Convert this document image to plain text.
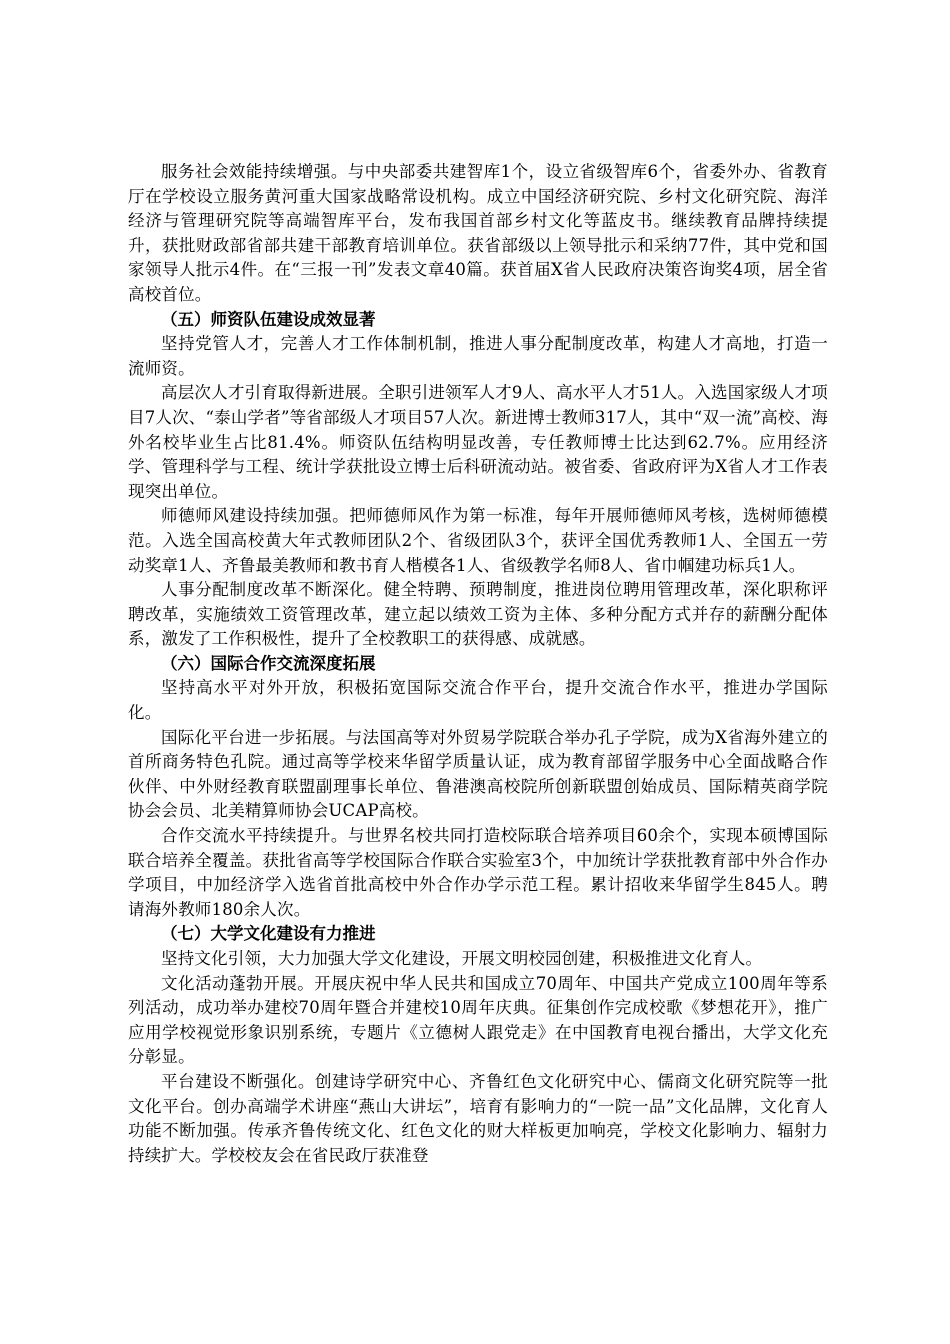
服务社会效能持续增强。与中央部委共建智库1个，设立省级智库6个，省委外办、省教育厅在学校设立服务黄河重大国家战略常设机构。成立中国经济研究院、乡村文化研究院、海洋经济与管理研究院等高端智库平台，发布我国首部乡村文化等蓝皮书。继续教育品牌持续提升，获批财政部省部共建干部教育培训单位。获省部级以上领导批示和采纳77件，其中党和国家领导人批示4件。在“三报一刊”发表文章40篇。获首届X省人民政府决策咨询奖4项，居全省高校首位。

（五）师资队伍建设成效显著

坚持党管人才，完善人才工作体制机制，推进人事分配制度改革，构建人才高地，打造一流师资。

高层次人才引育取得新进展。全职引进领军人才9人、高水平人才51人。入选国家级人才项目7人次、“泰山学者”等省部级人才项目57人次。新进博士教师317人，其中“双一流”高校、海外名校毕业生占比81.4%。师资队伍结构明显改善，专任教师博士比达到62.7%。应用经济学、管理科学与工程、统计学获批设立博士后科研流动站。被省委、省政府评为X省人才工作表现突出单位。

师德师风建设持续加强。把师德师风作为第一标准，每年开展师德师风考核，选树师德模范。入选全国高校黄大年式教师团队2个、省级团队3个，获评全国优秀教师1人、全国五一劳动奖章1人、齐鲁最美教师和教书育人楷模各1人、省级教学名师8人、省巾帼建功标兵1人。

人事分配制度改革不断深化。健全特聘、预聘制度，推进岗位聘用管理改革，深化职称评聘改革，实施绩效工资管理改革，建立起以绩效工资为主体、多种分配方式并存的薪酬分配体系，激发了工作积极性，提升了全校教职工的获得感、成就感。

（六）国际合作交流深度拓展

坚持高水平对外开放，积极拓宽国际交流合作平台，提升交流合作水平，推进办学国际化。

国际化平台进一步拓展。与法国高等对外贸易学院联合举办孔子学院，成为X省海外建立的首所商务特色孔院。通过高等学校来华留学质量认证，成为教育部留学服务中心全面战略合作伙伴、中外财经教育联盟副理事长单位、鲁港澳高校院所创新联盟创始成员、国际精英商学院协会会员、北美精算师协会UCAP高校。

合作交流水平持续提升。与世界名校共同打造校际联合培养项目60余个，实现本硕博国际联合培养全覆盖。获批省高等学校国际合作联合实验室3个，中加统计学获批教育部中外合作办学项目，中加经济学入选省首批高校中外合作办学示范工程。累计招收来华留学生845人。聘请海外教师180余人次。

（七）大学文化建设有力推进

坚持文化引领，大力加强大学文化建设，开展文明校园创建，积极推进文化育人。

文化活动蓬勃开展。开展庆祝中华人民共和国成立70周年、中国共产党成立100周年等系列活动，成功举办建校70周年暨合并建校10周年庆典。征集创作完成校歌《梦想花开》，推广应用学校视觉形象识别系统，专题片《立德树人跟党走》在中国教育电视台播出，大学文化充分彰显。

平台建设不断强化。创建诗学研究中心、齐鲁红色文化研究中心、儒商文化研究院等一批文化平台。创办高端学术讲座“燕山大讲坛”，培育有影响力的“一院一品”文化品牌，文化育人功能不断加强。传承齐鲁传统文化、红色文化的财大样板更加响亮，学校文化影响力、辐射力持续扩大。学校校友会在省民政厅获准登
